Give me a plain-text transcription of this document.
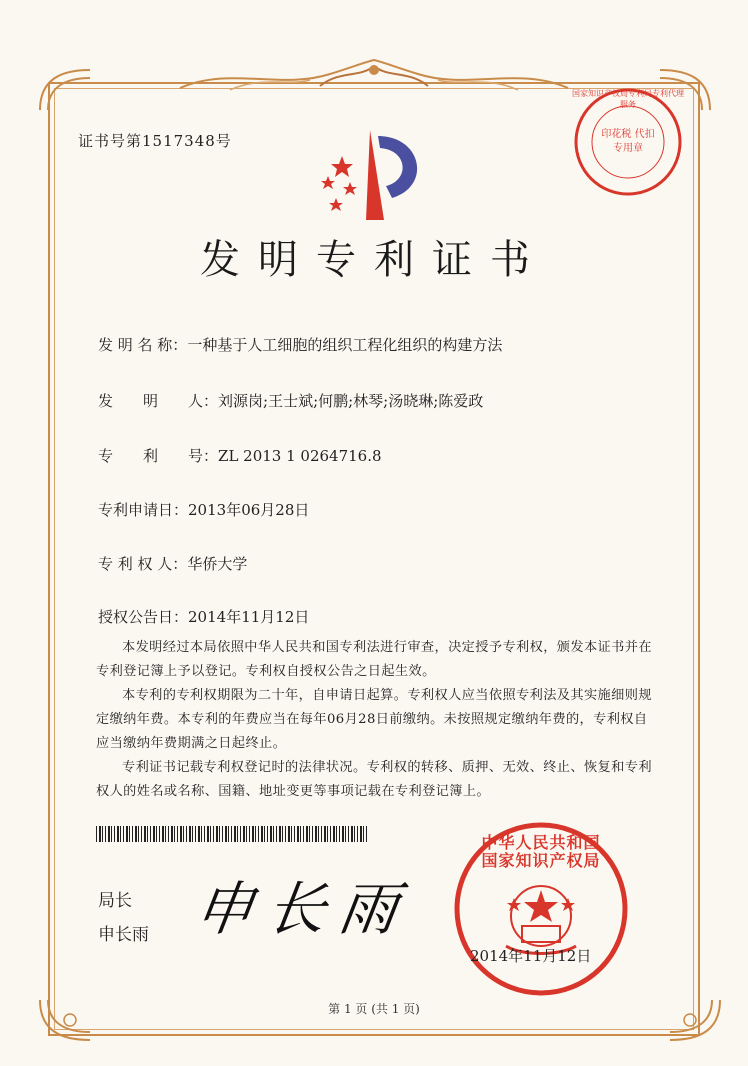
证书号第1517348号
国家知识产权局专利局专利代理服务
印花税 代扣专用章
发明专利证书
发 明 名 称：一种基于人工细胞的组织工程化组织的构建方法
发　　明　　人：刘源岗;王士斌;何鹏;林琴;汤晓琳;陈爱政
专　　利　　号：ZL 2013 1 0264716.8
专利申请日：2013年06月28日
专 利 权 人：华侨大学
授权公告日：2014年11月12日

本发明经过本局依照中华人民共和国专利法进行审查，决定授予专利权，颁发本证书并在专利登记簿上予以登记。专利权自授权公告之日起生效。

本专利的专利权期限为二十年，自申请日起算。专利权人应当依照专利法及其实施细则规定缴纳年费。本专利的年费应当在每年06月28日前缴纳。未按照规定缴纳年费的，专利权自应当缴纳年费期满之日起终止。

专利证书记载专利权登记时的法律状况。专利权的转移、质押、无效、终止、恢复和专利权人的姓名或名称、国籍、地址变更等事项记载在专利登记簿上。

局长
申长雨 申长雨
中华人民共和国国家知识产权局
2014年11月12日
第 1 页 (共 1 页)
